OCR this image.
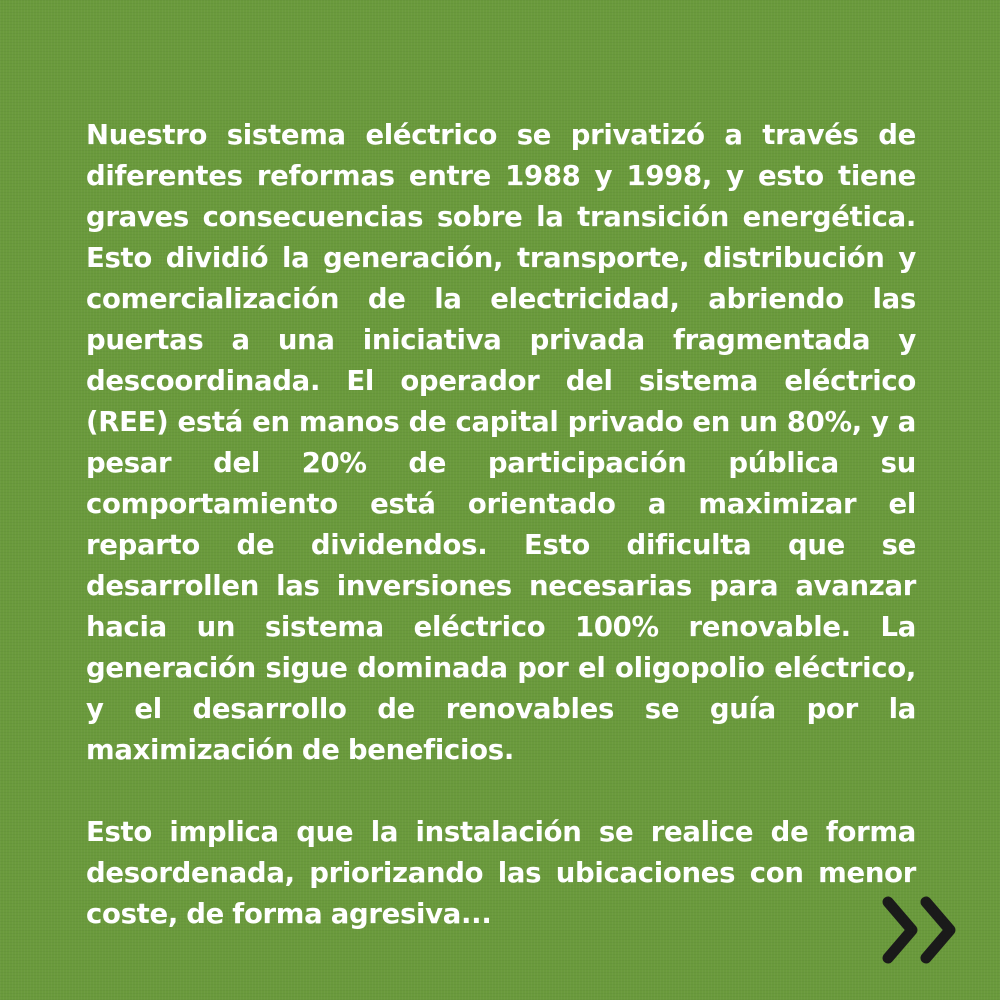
Nuestro sistema eléctrico se privatizó a través de diferentes reformas entre 1988 y 1998, y esto tiene graves consecuencias sobre la transición energética. Esto dividió la generación, transporte, distribución y comercialización de la electricidad, abriendo las puertas a una iniciativa privada fragmentada y descoordinada. El operador del sistema eléctrico (REE) está en manos de capital privado en un 80%, y a pesar del 20% de participación pública su comportamiento está orientado a maximizar el reparto de dividendos. Esto dificulta que se desarrollen las inversiones necesarias para avanzar hacia un sistema eléctrico 100% renovable. La generación sigue dominada por el oligopolio eléctrico, y el desarrollo de renovables se guía por la maximización de beneficios.

Esto implica que la instalación se realice de forma desordenada, priorizando las ubicaciones con menor coste, de forma agresiva...
